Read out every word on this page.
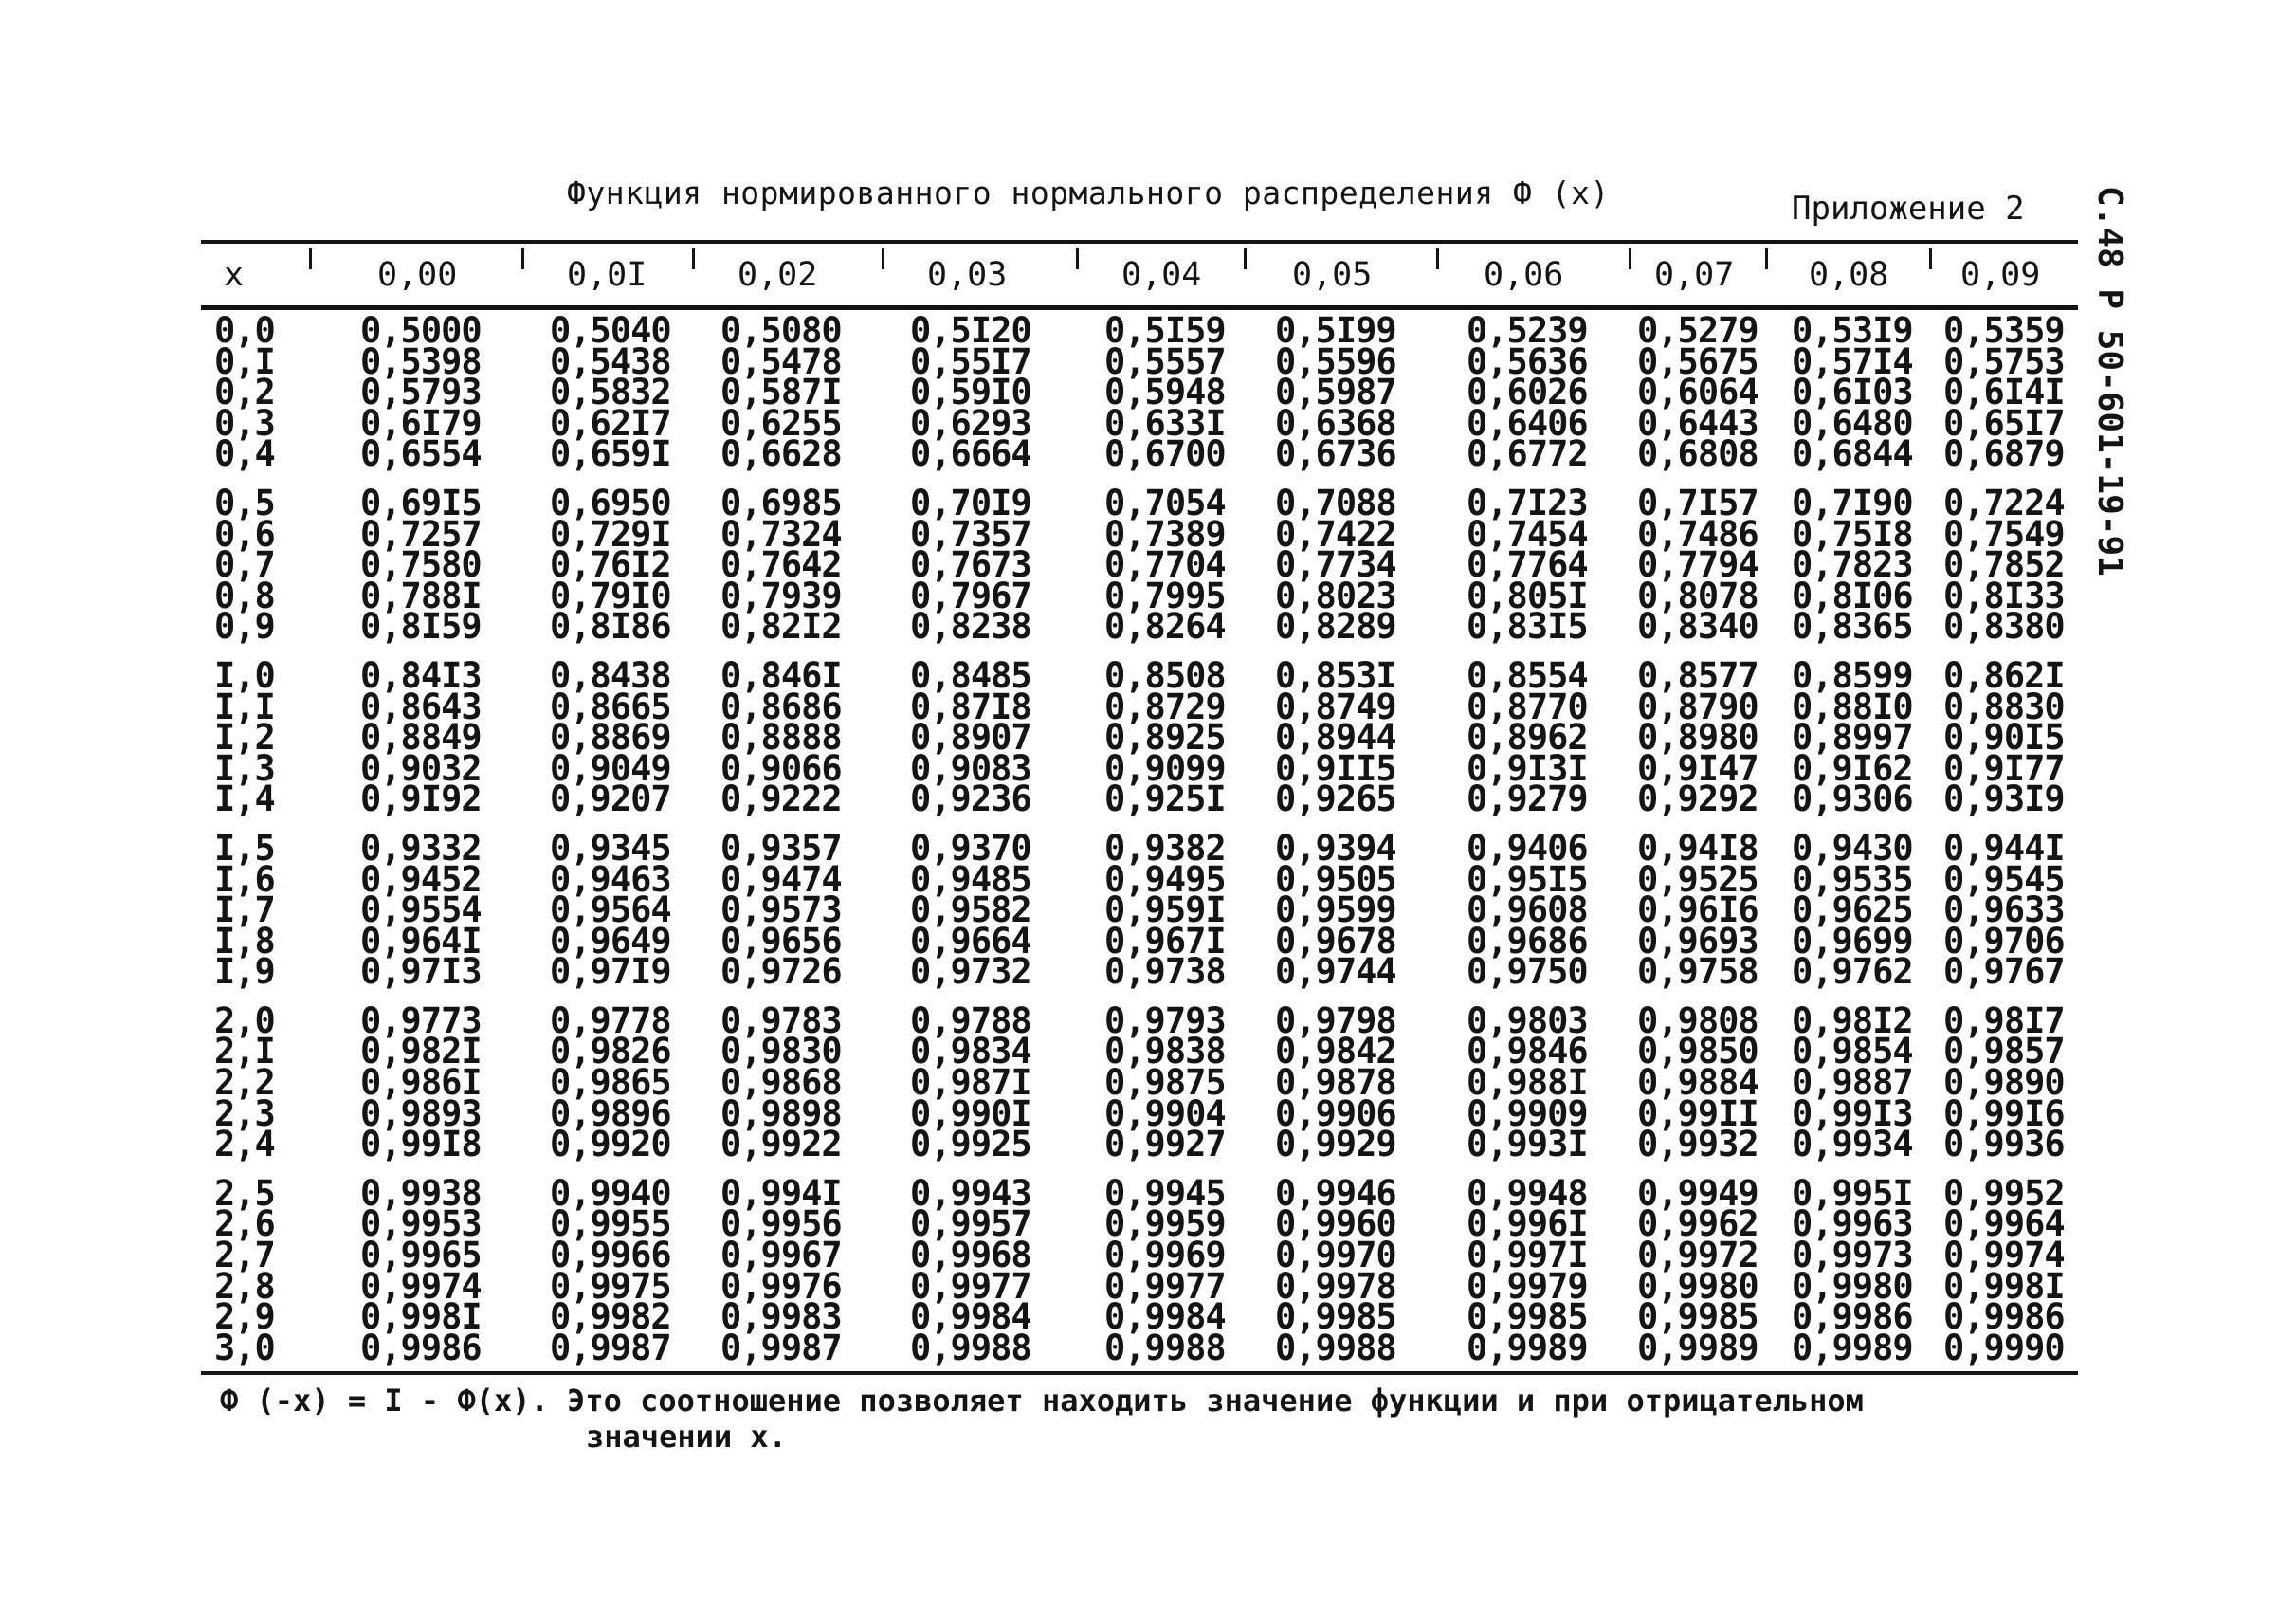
Функция нормированного нормального распределения Ф (х)	Приложение 2 С.48 Р 50-601-19-91
х	0,00	0,0I	0,02	0,03	0,04	0,05	0,06	0,07 0,08 0,09
0,0 0,5000 0,5040 0,5080 0,5I20 0,5I59 0,5I99 0,5239 0,5279 0,53I9 0,5359
0,I 0,5398 0,5438 0,5478 0,55I7 0,5557 0,5596 0,5636 0,5675 0,57I4 0,5753
0,2 0,5793 0,5832 0,587I 0,59I0 0,5948 0,5987 0,6026 0,6064 0,6I03 0,6I4I
0,3 0,6I79 0,62I7 0,6255 0,6293 0,633I 0,6368 0,6406 0,6443 0,6480 0,65I7
0,4 0,6554 0,659I 0,6628 0,6664 0,6700 0,6736 0,6772 0,6808 0,6844 0,6879
0,5 0,69I5 0,6950 0,6985 0,70I9 0,7054 0,7088 0,7I23 0,7I57 0,7I90 0,7224
0,6 0,7257 0,729I 0,7324 0,7357 0,7389 0,7422 0,7454 0,7486 0,75I8 0,7549
0,7 0,7580 0,76I2 0,7642 0,7673 0,7704 0,7734 0,7764 0,7794 0,7823 0,7852
0,8 0,788I 0,79I0 0,7939 0,7967 0,7995 0,8023 0,805I 0,8078 0,8I06 0,8I33
0,9 0,8I59 0,8I86 0,82I2 0,8238 0,8264 0,8289 0,83I5 0,8340 0,8365 0,8380
I,0 0,84I3 0,8438 0,846I 0,8485 0,8508 0,853I 0,8554 0,8577 0,8599 0,862I
I,I 0,8643 0,8665 0,8686 0,87I8 0,8729 0,8749 0,8770 0,8790 0,88I0 0,8830
I,2 0,8849 0,8869 0,8888 0,8907 0,8925 0,8944 0,8962 0,8980 0,8997 0,90I5
I,3 0,9032 0,9049 0,9066 0,9083 0,9099 0,9II5 0,9I3I 0,9I47 0,9I62 0,9I77
I,4 0,9I92 0,9207 0,9222 0,9236 0,925I 0,9265 0,9279 0,9292 0,9306 0,93I9
I,5 0,9332 0,9345 0,9357 0,9370 0,9382 0,9394 0,9406 0,94I8 0,9430 0,944I
I,6 0,9452 0,9463 0,9474 0,9485 0,9495 0,9505 0,95I5 0,9525 0,9535 0,9545
I,7 0,9554 0,9564 0,9573 0,9582 0,959I 0,9599 0,9608 0,96I6 0,9625 0,9633
I,8 0,964I 0,9649 0,9656 0,9664 0,967I 0,9678 0,9686 0,9693 0,9699 0,9706
I,9 0,97I3 0,97I9 0,9726 0,9732 0,9738 0,9744 0,9750 0,9758 0,9762 0,9767
2,0 0,9773 0,9778 0,9783 0,9788 0,9793 0,9798 0,9803 0,9808 0,98I2 0,98I7
2,I 0,982I 0,9826 0,9830 0,9834 0,9838 0,9842 0,9846 0,9850 0,9854 0,9857
2,2 0,986I 0,9865 0,9868 0,987I 0,9875 0,9878 0,988I 0,9884 0,9887 0,9890
2,3 0,9893 0,9896 0,9898 0,990I 0,9904 0,9906 0,9909 0,99II 0,99I3 0,99I6
2,4 0,99I8 0,9920 0,9922 0,9925 0,9927 0,9929 0,993I 0,9932 0,9934 0,9936
2,5 0,9938 0,9940 0,994I 0,9943 0,9945 0,9946 0,9948 0,9949 0,995I 0,9952
2,6 0,9953 0,9955 0,9956 0,9957 0,9959 0,9960 0,996I 0,9962 0,9963 0,9964
2,7 0,9965 0,9966 0,9967 0,9968 0,9969 0,9970 0,997I 0,9972 0,9973 0,9974
2,8 0,9974 0,9975 0,9976 0,9977 0,9977 0,9978 0,9979 0,9980 0,9980 0,998I
2,9 0,998I 0,9982 0,9983 0,9984 0,9984 0,9985 0,9985 0,9985 0,9986 0,9986
3,0 0,9986 0,9987 0,9987 0,9988 0,9988 0,9988 0,9989 0,9989 0,9989 0,9990
Ф (-х) = I - Ф(х). Это соотношение позволяет находить значение функции и при отрицательном
значении х.
